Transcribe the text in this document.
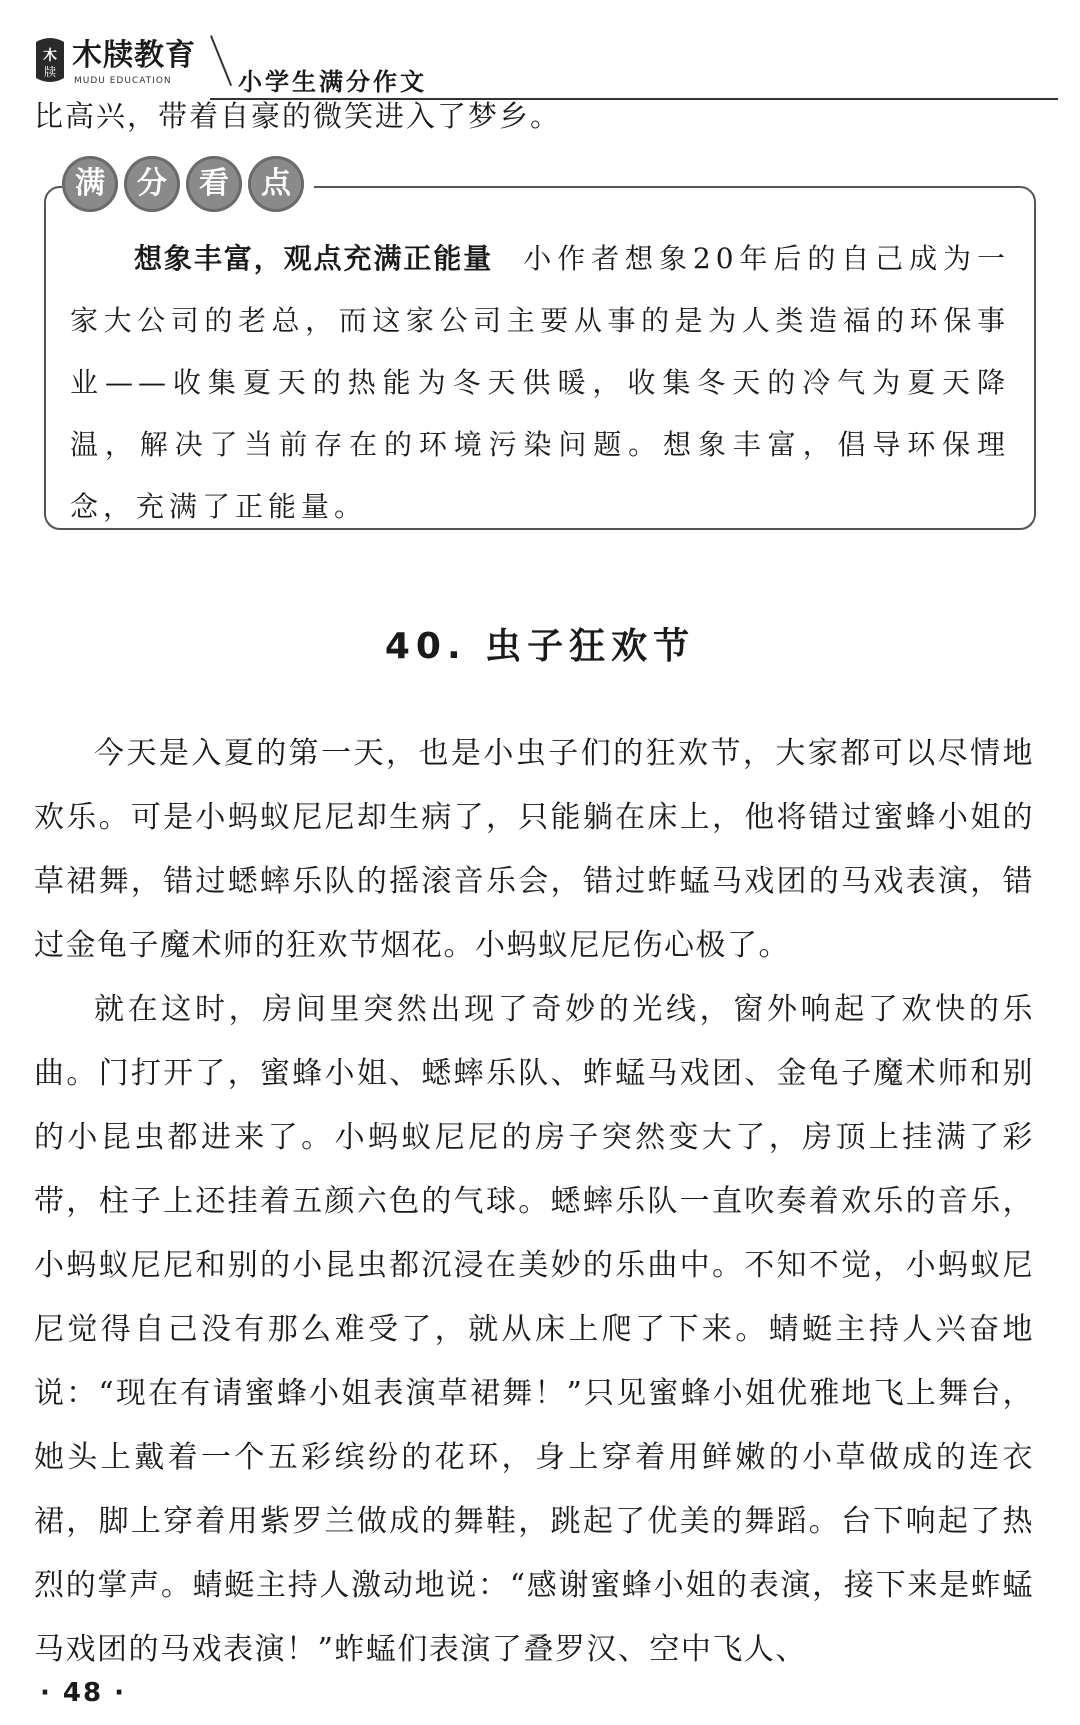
木
牍 木牍教育
MUDU EDUCATION	小学生满分作文
比高兴，带着自豪的微笑进入了梦乡。
满	分	看	点
想象丰富，观点充满正能量 小作者想象20年后的自己成为一家大公司的老总，而这家公司主要从事的是为人类造福的环保事业——收集夏天的热能为冬天供暖，收集冬天的冷气为夏天降温，解决了当前存在的环境污染问题。想象丰富，倡导环保理念，充满了正能量。
40. 虫子狂欢节

今天是入夏的第一天，也是小虫子们的狂欢节，大家都可以尽情地欢乐。可是小蚂蚁尼尼却生病了，只能躺在床上，他将错过蜜蜂小姐的草裙舞，错过蟋蟀乐队的摇滚音乐会，错过蚱蜢马戏团的马戏表演，错过金龟子魔术师的狂欢节烟花。小蚂蚁尼尼伤心极了。

就在这时，房间里突然出现了奇妙的光线，窗外响起了欢快的乐曲。门打开了，蜜蜂小姐、蟋蟀乐队、蚱蜢马戏团、金龟子魔术师和别的小昆虫都进来了。小蚂蚁尼尼的房子突然变大了，房顶上挂满了彩带，柱子上还挂着五颜六色的气球。蟋蟀乐队一直吹奏着欢乐的音乐，小蚂蚁尼尼和别的小昆虫都沉浸在美妙的乐曲中。不知不觉，小蚂蚁尼尼觉得自己没有那么难受了，就从床上爬了下来。蜻蜓主持人兴奋地说：“现在有请蜜蜂小姐表演草裙舞！”只见蜜蜂小姐优雅地飞上舞台，她头上戴着一个五彩缤纷的花环，身上穿着用鲜嫩的小草做成的连衣裙，脚上穿着用紫罗兰做成的舞鞋，跳起了优美的舞蹈。台下响起了热烈的掌声。蜻蜓主持人激动地说：“感谢蜜蜂小姐的表演，接下来是蚱蜢马戏团的马戏表演！”蚱蜢们表演了叠罗汉、空中飞人、

· 48 ·
